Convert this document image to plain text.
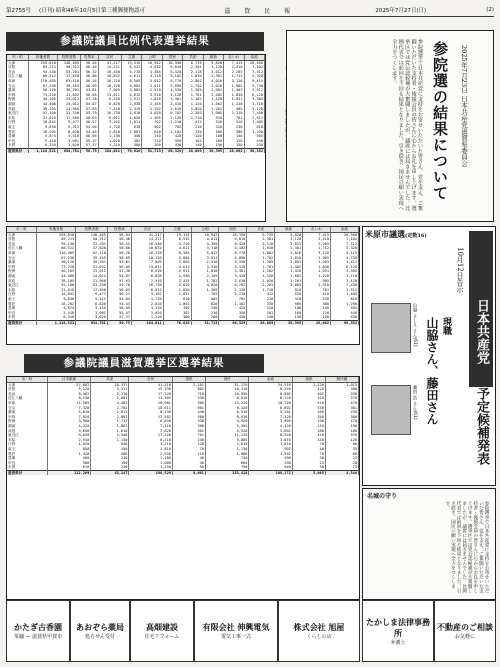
第2755号 (日刊) 昭和46年10月5日第三種郵便物認可	滋 賀 民 報	2025年7月27日(日)	(2)
参議院議員比例代表選挙結果
市・町	有権者数	投票者数	投票率	自民	立憲	公明	国民	共産	維新	れいわ	参政
大津	255,818	148,465	58.04	41,217	19,315	10,942	18,330	6,735	9,820	7,415	20,560
彦根	89,213	50,312	56.40	14,221	6,532	4,012	6,810	2,301	3,120	2,410	7,102
長浜	94,130	53,201	56.52	16,540	5,710	4,305	6,420	2,118	3,012	2,205	7,512
近江八幡	66,512	37,820	56.86	10,832	4,611	3,118	5,102	1,630	2,301	1,712	5,320
草津	110,405	62,118	56.26	16,210	8,305	5,012	8,770	2,802	4,016	3,120	9,115
守山	67,230	39,455	58.69	10,120	5,004	3,011	5,890	1,702	2,610	1,905	5,730
栗東	56,120	30,201	53.81	7,905	3,802	2,510	4,330	1,305	2,001	1,503	4,412
甲賀	73,210	41,032	56.05	13,011	4,612	3,510	5,120	1,701	2,402	1,830	6,120
野洲	40,105	23,012	57.38	6,520	2,911	1,810	3,301	1,102	1,420	1,031	3,305
湖南	44,408	24,012	54.07	6,820	2,930	2,105	3,410	1,120	1,602	1,220	3,710
高島	38,105	21,960	57.63	7,510	2,415	1,702	2,610	1,020	1,201	905	3,120
東近江	92,160	51,330	55.70	16,730	5,810	4,020	6,702	2,203	3,005	2,310	7,450
米原	31,010	17,560	56.63	6,012	1,820	1,305	2,120	1,710	910	701	2,512
日野	16,842	9,477	56.27	3,102	1,011	702	1,210	412	520	410	1,405
竜王	9,830	5,312	54.04	1,720	610	402	702	210	310	230	810
愛荘	16,202	8,820	54.44	2,810	1,001	620	1,102	330	505	380	1,290
豊郷	5,874	3,410	58.05	1,130	350	240	420	120	180	140	505
甲良	5,410	3,001	55.47	1,020	302	210	350	101	160	120	440
多賀	6,310	3,620	57.37	1,210	380	260	430	140	190	150	530
滋賀県計	1,118,521	634,781	56.75	184,611	76,618	51,713	86,329	28,869	38,395	28,682	98,352
市・町	有権者数	投票者数	投票率	自民	立憲	公明	国民	共産	維新	れいわ	参政
大津	255,818	148,465	58.04	41,217	19,315	10,942	18,330	6,735	9,820	7,415	20,560
彦根	89,213	50,312	56.40	14,221	6,532	4,012	6,810	2,301	3,120	2,410	7,102
長浜	94,130	53,201	56.52	16,540	5,710	4,305	6,420	2,118	3,012	2,205	7,512
近江八幡	66,512	37,820	56.86	10,832	4,611	3,118	5,102	1,630	2,301	1,712	5,320
草津	110,405	62,118	56.26	16,210	8,305	5,012	8,770	2,802	4,016	3,120	9,115
守山	67,230	39,455	58.69	10,120	5,004	3,011	5,890	1,702	2,610	1,905	5,730
栗東	56,120	30,201	53.81	7,905	3,802	2,510	4,330	1,305	2,001	1,503	4,412
甲賀	73,210	41,032	56.05	13,011	4,612	3,510	5,120	1,701	2,402	1,830	6,120
野洲	40,105	23,012	57.38	6,520	2,911	1,810	3,301	1,102	1,420	1,031	3,305
湖南	44,408	24,012	54.07	6,820	2,930	2,105	3,410	1,120	1,602	1,220	3,710
高島	38,105	21,960	57.63	7,510	2,415	1,702	2,610	1,020	1,201	905	3,120
東近江	92,160	51,330	55.70	16,730	5,810	4,020	6,702	2,203	3,005	2,310	7,450
米原	31,010	17,560	56.63	6,012	1,820	1,305	2,120	1,710	910	701	2,512
日野	16,842	9,477	56.27	3,102	1,011	702	1,210	412	520	410	1,405
竜王	9,830	5,312	54.04	1,720	610	402	702	210	310	230	810
愛荘	16,202	8,820	54.44	2,810	1,001	620	1,102	330	505	380	1,290
豊郷	5,874	3,410	58.05	1,130	350	240	420	120	180	140	505
甲良	5,410	3,001	55.47	1,020	302	210	350	101	160	120	440
多賀	6,310	3,620	57.37	1,210	380	260	430	140	190	150	530
滋賀県計	1,118,521	634,781	56.75	184,611	76,618	51,713	86,329	28,869	38,395	28,682	98,352
参議院議員滋賀選挙区選挙結果
市・町	日本維新	共産	自民	諸派	国民	参政	諸派	無所属
大津	27,802	10,331	41,210	2,101	31,120	24,510	1,120	1,015
彦根	9,120	3,512	15,330	802	10,410	8,320	420	380
長浜	8,402	3,210	17,120	710	10,950	8,802	402	330
近江八幡	6,130	2,601	11,305	540	8,010	6,120	310	270
草津	11,505	4,402	16,901	905	13,220	10,720	510	470
守山	7,320	2,702	10,611	601	8,420	6,802	330	301
栗東	5,610	2,012	8,130	440	6,510	5,201	260	230
甲賀	7,020	2,801	13,502	560	8,910	7,120	340	300
野洲	3,980	1,712	6,830	330	4,920	3,905	190	170
湖南	4,320	1,802	7,110	360	5,302	4,320	210	190
高島	3,650	1,610	7,820	301	4,520	3,602	180	160
東近江	9,020	3,540	17,220	701	11,120	8,920	420	370
米原	2,910	1,130	6,210	240	3,805	3,010	140	120
日野	1,520	640	3,210	120	2,010	1,610	70	60
竜王	850	350	1,810	70	1,130	902	40	35
愛荘	1,420	560	2,920	110	1,880	1,502	70	60
豊郷	560	210	1,180	40	730	590	30	25
甲良	500	190	1,060	40	660	530	25	20
多賀	610	230	1,250	50	790	640	30	25
滋賀県計	112,269	43,147	190,529	8,661	133,418	108,172	5,065	4,546
参院選の結果について	2025年7月23日 日本共産党滋賀県委員会
参院選挙で日本共産党に支持をお寄せいただいた皆さん、党を支え、ご奮闘いただいた支持者・後援会員の皆さんに心からお礼を申し上げます。選挙区では党公認候補が大奮闘しましたが、議席には届きませんでした。比例代表では前回を下回る結果となりました。引き続き、国民の願い実現へ全力をつくします。
日本共産党
予定候補発表
米原市議選(定数16)
10月12日告示
現職
山脇さん、藤田さん
山脇 よしえ さん(61)
藤田 浩 さん(61)
名城の守り
参院選挙で日本共産党に支持をお寄せいただいた皆さん、党を支え、ご奮闘いただいた支持者・後援会員の皆さんに心からお礼を申し上げます。選挙区では党公認候補が大奮闘しましたが、議席には届きませんでした。比例代表では前回を下回る結果となりました。引き続き、国民の願い実現へ全力をつくします。
かたぎ古香園
茶舗 ― 滋賀県甲賀市
あおぞら薬局
処方せん受付
高畑建設
住宅リフォーム
有限会社 伸興電気
電気工事一式
株式会社 旭屋
くらしの店
たかしま法律事務所
弁護士
不動産のご相談
お気軽に
